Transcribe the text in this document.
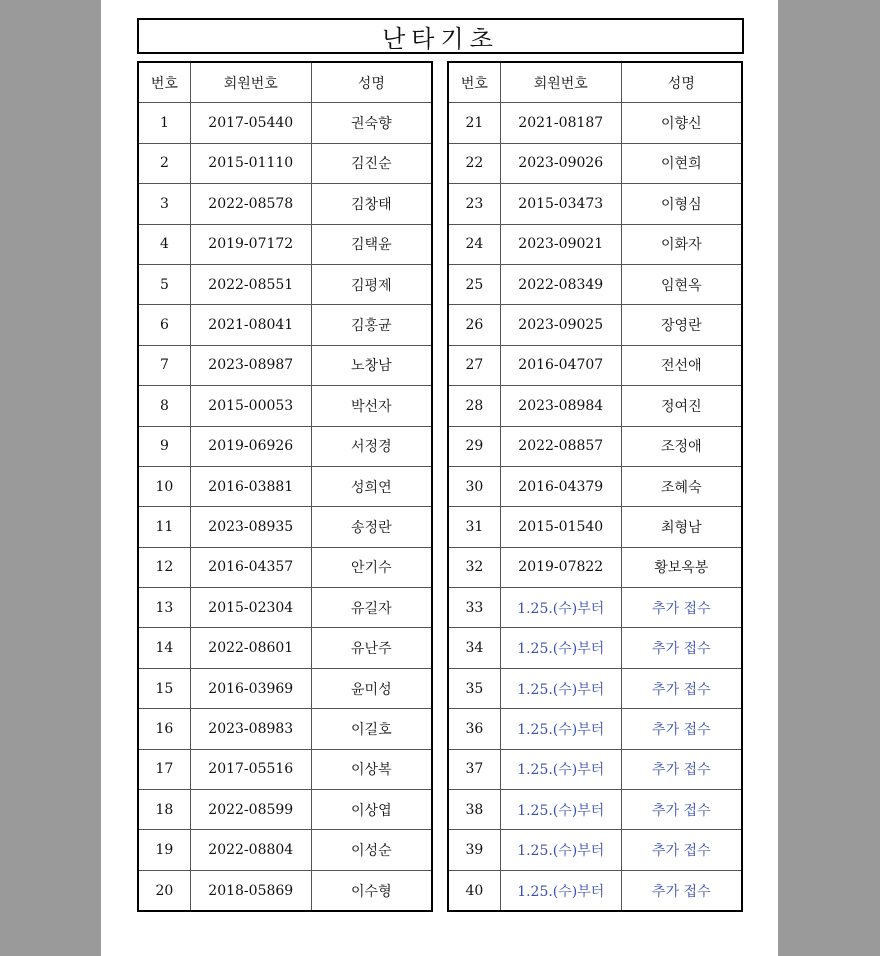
난타기초
번호	회원번호	성명
1	2017-05440	권숙향
2	2015-01110	김진순
3	2022-08578	김창태
4	2019-07172	김택윤
5	2022-08551	김평제
6	2021-08041	김홍균
7	2023-08987	노창남
8	2015-00053	박선자
9	2019-06926	서정경
10	2016-03881	성희연
11	2023-08935	송정란
12	2016-04357	안기수
13	2015-02304	유길자
14	2022-08601	유난주
15	2016-03969	윤미성
16	2023-08983	이길호
17	2017-05516	이상복
18	2022-08599	이상엽
19	2022-08804	이성순
20	2018-05869	이수형
번호	회원번호	성명
21	2021-08187	이향신
22	2023-09026	이현희
23	2015-03473	이형심
24	2023-09021	이화자
25	2022-08349	임현옥
26	2023-09025	장영란
27	2016-04707	전선애
28	2023-08984	정여진
29	2022-08857	조정애
30	2016-04379	조혜숙
31	2015-01540	최형남
32	2019-07822	황보옥봉
33	1.25.(수)부터	추가 접수
34	1.25.(수)부터	추가 접수
35	1.25.(수)부터	추가 접수
36	1.25.(수)부터	추가 접수
37	1.25.(수)부터	추가 접수
38	1.25.(수)부터	추가 접수
39	1.25.(수)부터	추가 접수
40	1.25.(수)부터	추가 접수
